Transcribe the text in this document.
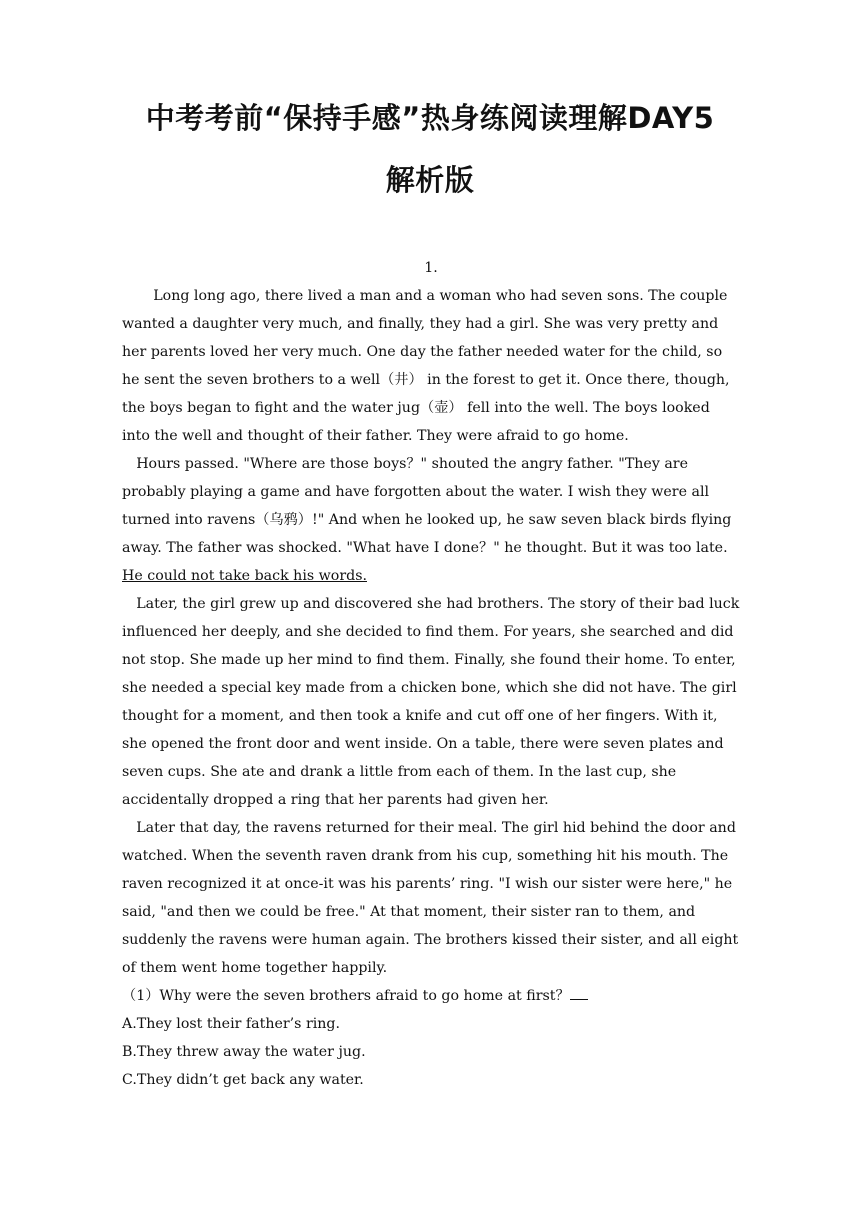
中考考前“保持手感”热身练阅读理解DAY5
解析版

1.

Long long ago, there lived a man and a woman who had seven sons. The couple wanted a daughter very much, and finally, they had a girl. She was very pretty and her parents loved her very much. One day the father needed water for the child, so he sent the seven brothers to a well（井） in the forest to get it. Once there, though, the boys began to fight and the water jug（壶） fell into the well. The boys looked into the well and thought of their father. They were afraid to go home.

Hours passed. "Where are those boys？" shouted the angry father. "They are probably playing a game and have forgotten about the water. I wish they were all turned into ravens（乌鸦）!" And when he looked up, he saw seven black birds flying away. The father was shocked. "What have I done？" he thought. But it was too late. He could not take back his words.

Later, the girl grew up and discovered she had brothers. The story of their bad luck influenced her deeply, and she decided to find them. For years, she searched and did not stop. She made up her mind to find them. Finally, she found their home. To enter, she needed a special key made from a chicken bone, which she did not have. The girl thought for a moment, and then took a knife and cut off one of her fingers. With it, she opened the front door and went inside. On a table, there were seven plates and seven cups. She ate and drank a little from each of them. In the last cup, she accidentally dropped a ring that her parents had given her.

Later that day, the ravens returned for their meal. The girl hid behind the door and watched. When the seventh raven drank from his cup, something hit his mouth. The raven recognized it at once-it was his parents’ ring. "I wish our sister were here," he said, "and then we could be free." At that moment, their sister ran to them, and suddenly the ravens were human again. The brothers kissed their sister, and all eight of them went home together happily.

（1）Why were the seven brothers afraid to go home at first？

A.They lost their father’s ring.

B.They threw away the water jug.

C.They didn’t get back any water.
